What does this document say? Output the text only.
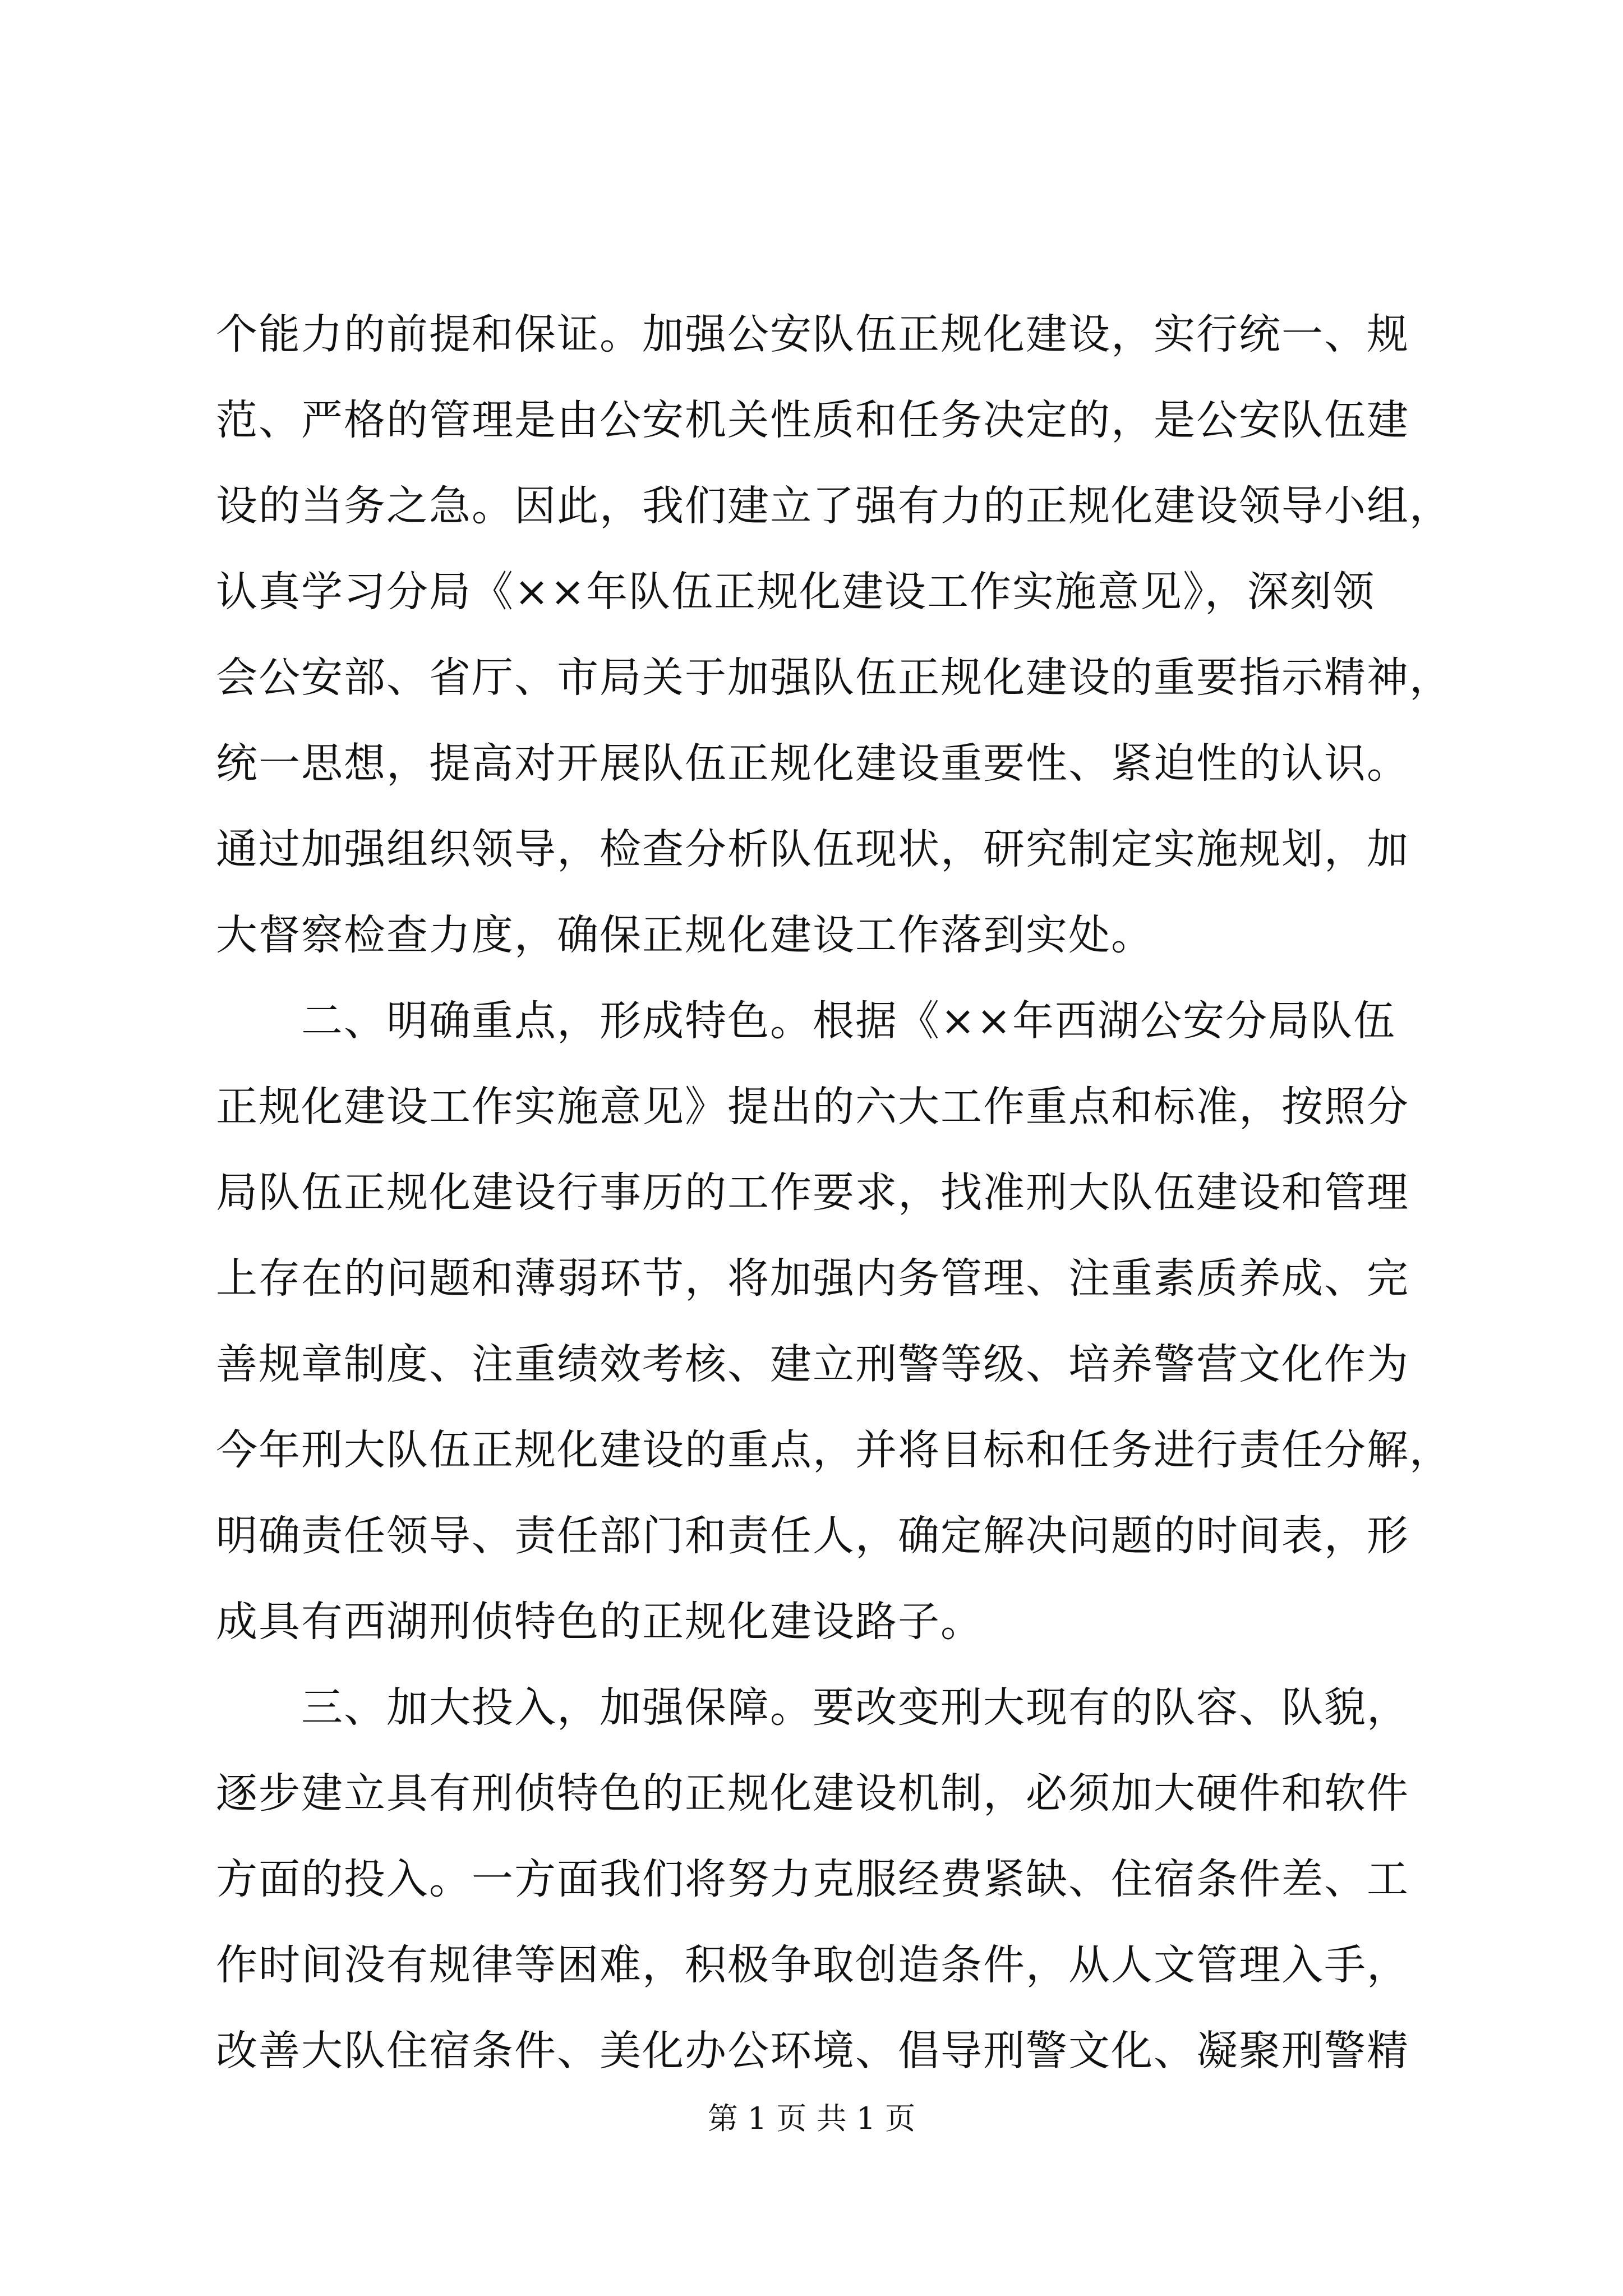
个能力的前提和保证。加强公安队伍正规化建设，实行统一、规
范、严格的管理是由公安机关性质和任务决定的，是公安队伍建
设的当务之急。因此，我们建立了强有力的正规化建设领导小组，
认真学习分局《××年队伍正规化建设工作实施意见》，深刻领
会公安部、省厅、市局关于加强队伍正规化建设的重要指示精神，
统一思想，提高对开展队伍正规化建设重要性、紧迫性的认识。
通过加强组织领导，检查分析队伍现状，研究制定实施规划，加
大督察检查力度，确保正规化建设工作落到实处。
　　二、明确重点，形成特色。根据《××年西湖公安分局队伍
正规化建设工作实施意见》提出的六大工作重点和标准，按照分
局队伍正规化建设行事历的工作要求，找准刑大队伍建设和管理
上存在的问题和薄弱环节，将加强内务管理、注重素质养成、完
善规章制度、注重绩效考核、建立刑警等级、培养警营文化作为
今年刑大队伍正规化建设的重点，并将目标和任务进行责任分解，
明确责任领导、责任部门和责任人，确定解决问题的时间表，形
成具有西湖刑侦特色的正规化建设路子。
　　三、加大投入，加强保障。要改变刑大现有的队容、队貌，
逐步建立具有刑侦特色的正规化建设机制，必须加大硬件和软件
方面的投入。一方面我们将努力克服经费紧缺、住宿条件差、工
作时间没有规律等困难，积极争取创造条件，从人文管理入手，
改善大队住宿条件、美化办公环境、倡导刑警文化、凝聚刑警精
第 1 页 共 1 页
